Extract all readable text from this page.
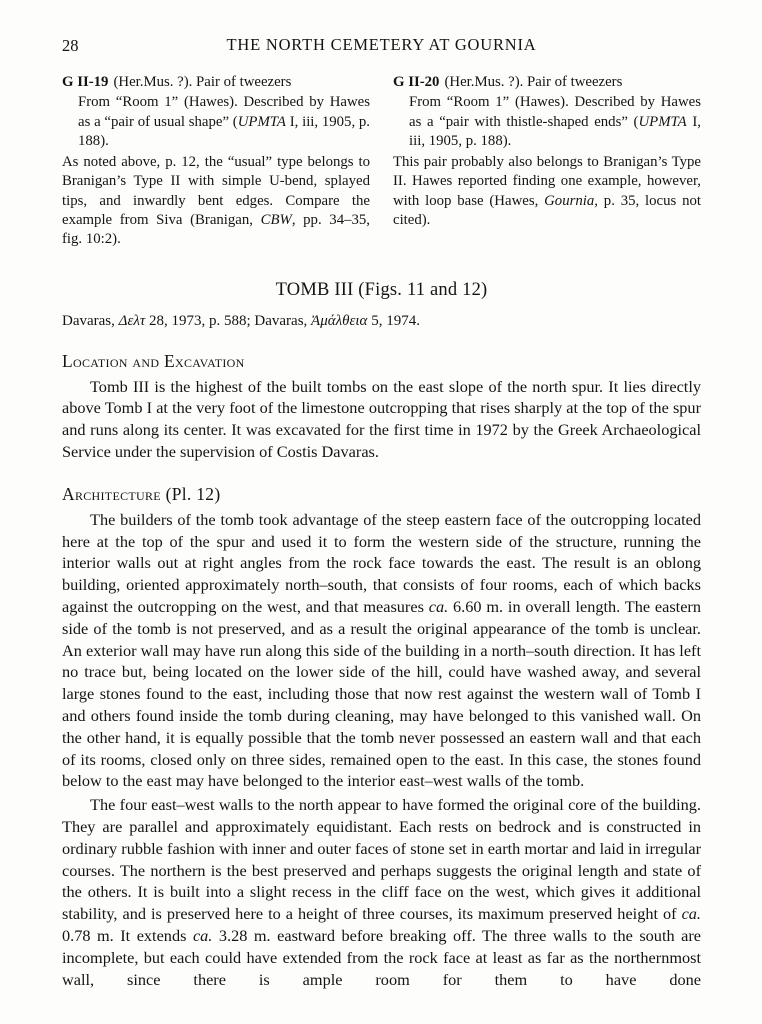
28	THE NORTH CEMETERY AT GOURNIA

G II-19 (Her.Mus. ?). Pair of tweezers

From “Room 1” (Hawes). Described by Hawes as a “pair of usual shape” (UPMTA I, iii, 1905, p. 188).

As noted above, p. 12, the “usual” type belongs to Branigan’s Type II with simple U-bend, splayed tips, and inwardly bent edges. Compare the example from Siva (Branigan, CBW, pp. 34–35, fig. 10:2).

G II-20 (Her.Mus. ?). Pair of tweezers

From “Room 1” (Hawes). Described by Hawes as a “pair with thistle-shaped ends” (UPMTA I, iii, 1905, p. 188).

This pair probably also belongs to Branigan’s Type II. Hawes reported finding one example, however, with loop base (Hawes, Gournia, p. 35, locus not cited).

TOMB III (Figs. 11 and 12)

Davaras, Δελτ 28, 1973, p. 588; Davaras, Ἀμάλθεια 5, 1974.

Location and Excavation

Tomb III is the highest of the built tombs on the east slope of the north spur. It lies directly above Tomb I at the very foot of the limestone outcropping that rises sharply at the top of the spur and runs along its center. It was excavated for the first time in 1972 by the Greek Archaeological Service under the supervision of Costis Davaras.

Architecture (Pl. 12)

The builders of the tomb took advantage of the steep eastern face of the outcropping located here at the top of the spur and used it to form the western side of the structure, running the interior walls out at right angles from the rock face towards the east. The result is an oblong building, oriented approximately north–south, that consists of four rooms, each of which backs against the outcropping on the west, and that measures ca. 6.60 m. in overall length. The eastern side of the tomb is not preserved, and as a result the original appearance of the tomb is unclear. An exterior wall may have run along this side of the building in a north–south direction. It has left no trace but, being located on the lower side of the hill, could have washed away, and several large stones found to the east, including those that now rest against the western wall of Tomb I and others found inside the tomb during cleaning, may have belonged to this vanished wall. On the other hand, it is equally possible that the tomb never possessed an eastern wall and that each of its rooms, closed only on three sides, remained open to the east. In this case, the stones found below to the east may have belonged to the interior east–west walls of the tomb.

The four east–west walls to the north appear to have formed the original core of the building. They are parallel and approximately equidistant. Each rests on bedrock and is constructed in ordinary rubble fashion with inner and outer faces of stone set in earth mortar and laid in irregular courses. The northern is the best preserved and perhaps suggests the original length and state of the others. It is built into a slight recess in the cliff face on the west, which gives it additional stability, and is preserved here to a height of three courses, its maximum preserved height of ca. 0.78 m. It extends ca. 3.28 m. eastward before breaking off. The three walls to the south are incomplete, but each could have extended from the rock face at least as far as the northernmost wall, since there is ample room for them to have done
